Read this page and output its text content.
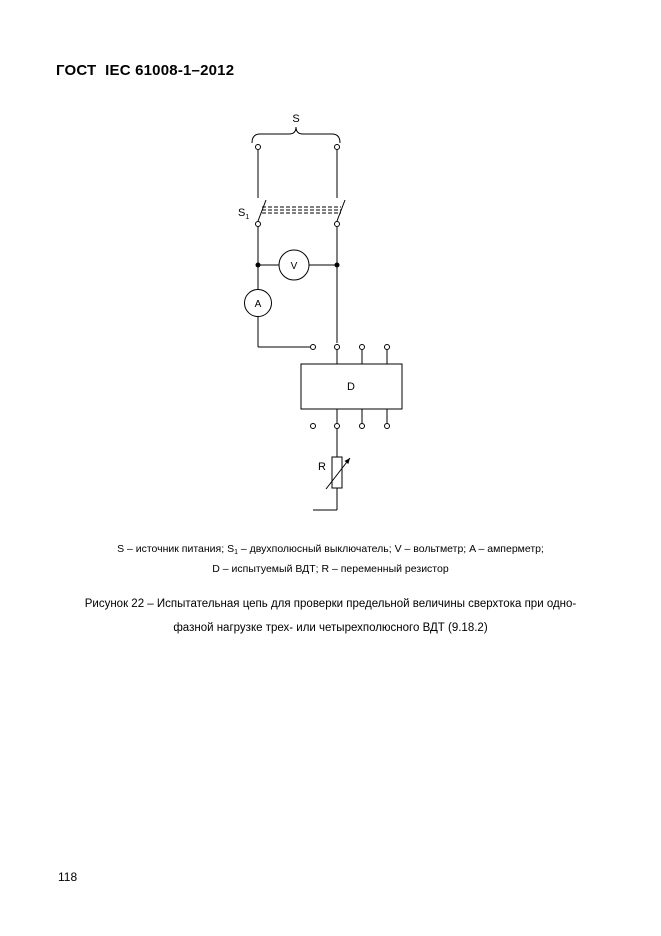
ГОСТ  IEC 61008-1–2012
S
$S_1$
V
A
D
R
S – источник питания; $S_1$ – двухполюсный выключатель; V – вольтметр; A – амперметр;
D – испытуемый ВДТ; R – переменный резистор
Рисунок 22 – Испытательная цепь для проверки предельной величины сверхтока при одно-
фазной нагрузке трех- или четырехполюсного ВДТ (9.18.2)
118
